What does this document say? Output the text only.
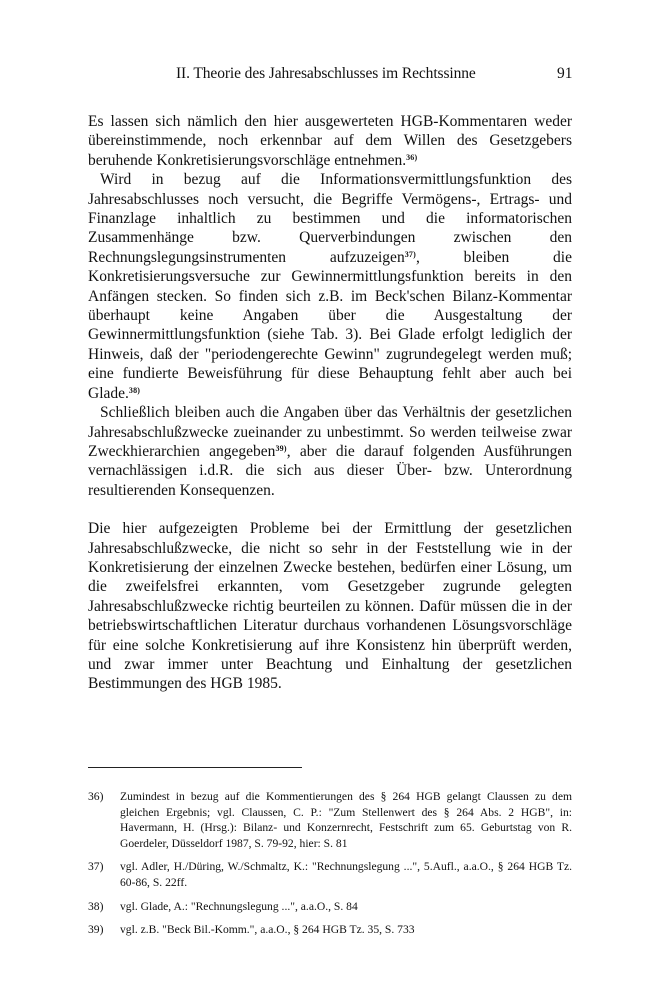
II. Theorie des Jahresabschlusses im Rechtssinne	91

Es lassen sich nämlich den hier ausgewerteten HGB-Kommentaren weder übereinstimmende, noch erkennbar auf dem Willen des Gesetzgebers beruhende Konkretisierungsvorschläge entnehmen.$^{36)}$

Wird in bezug auf die Informationsvermittlungsfunktion des Jahresabschlusses noch versucht, die Begriffe Vermögens-, Ertrags- und Finanzlage inhaltlich zu bestimmen und die informatorischen Zusammenhänge bzw. Querverbindungen zwischen den Rechnungslegungsinstrumenten aufzuzeigen$^{37)}$, bleiben die Konkretisierungsversuche zur Gewinnermittlungsfunktion bereits in den Anfängen stecken. So finden sich z.B. im Beck'schen Bilanz-Kommentar überhaupt keine Angaben über die Ausgestaltung der Gewinnermittlungsfunktion (siehe Tab. 3). Bei Glade erfolgt lediglich der Hinweis, daß der "periodengerechte Gewinn" zugrundegelegt werden muß; eine fundierte Beweisführung für diese Behauptung fehlt aber auch bei Glade.$^{38)}$

Schließlich bleiben auch die Angaben über das Verhältnis der gesetzlichen Jahresabschlußzwecke zueinander zu unbestimmt. So werden teilweise zwar Zweckhierarchien angegeben$^{39)}$, aber die darauf folgenden Ausführungen vernachlässigen i.d.R. die sich aus dieser Über- bzw. Unterordnung resultierenden Konsequenzen.

Die hier aufgezeigten Probleme bei der Ermittlung der gesetzlichen Jahresabschlußzwecke, die nicht so sehr in der Feststellung wie in der Konkretisierung der einzelnen Zwecke bestehen, bedürfen einer Lösung, um die zweifelsfrei erkannten, vom Gesetzgeber zugrunde gelegten Jahresabschlußzwecke richtig beurteilen zu können. Dafür müssen die in der betriebswirtschaftlichen Literatur durchaus vorhandenen Lösungsvorschläge für eine solche Konkretisierung auf ihre Konsistenz hin überprüft werden, und zwar immer unter Beachtung und Einhaltung der gesetzlichen Bestimmungen des HGB 1985.

36) Zumindest in bezug auf die Kommentierungen des § 264 HGB gelangt Claussen zu dem gleichen Ergebnis; vgl. Claussen, C. P.: "Zum Stellenwert des § 264 Abs. 2 HGB", in: Havermann, H. (Hrsg.): Bilanz- und Konzernrecht, Festschrift zum 65. Geburtstag von R. Goerdeler, Düsseldorf 1987, S. 79-92, hier: S. 81
37) vgl. Adler, H./Düring, W./Schmaltz, K.: "Rechnungslegung ...", 5.Aufl., a.a.O., § 264 HGB Tz. 60-86, S. 22ff.
38) vgl. Glade, A.: "Rechnungslegung ...", a.a.O., S. 84
39) vgl. z.B. "Beck Bil.-Komm.", a.a.O., § 264 HGB Tz. 35, S. 733
